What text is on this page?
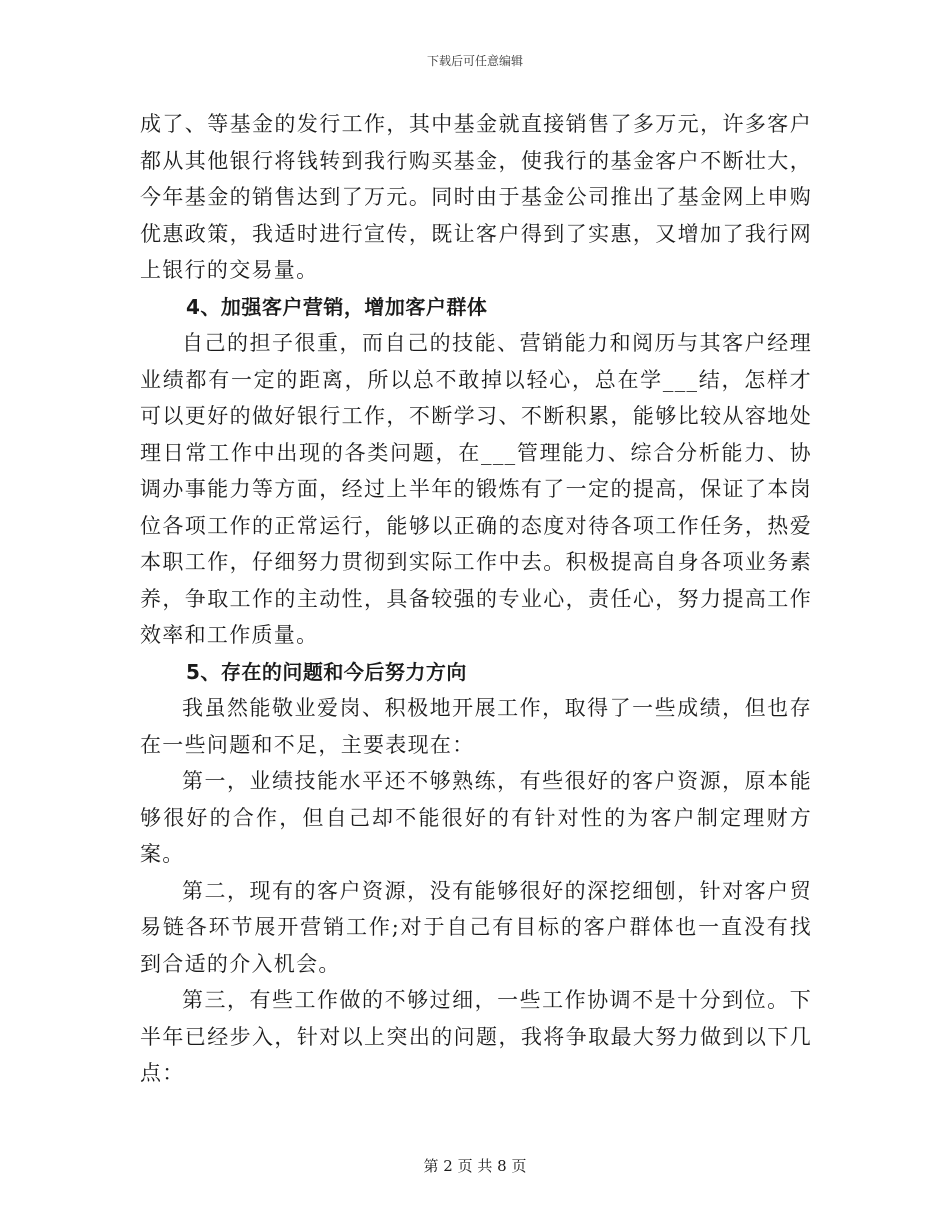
下载后可任意编辑

成了、等基金的发行工作，其中基金就直接销售了多万元，许多客户都从其他银行将钱转到我行购买基金，使我行的基金客户不断壮大，今年基金的销售达到了万元。同时由于基金公司推出了基金网上申购优惠政策，我适时进行宣传，既让客户得到了实惠，又增加了我行网上银行的交易量。

4、加强客户营销，增加客户群体

自己的担子很重，而自己的技能、营销能力和阅历与其客户经理业绩都有一定的距离，所以总不敢掉以轻心，总在学___结，怎样才可以更好的做好银行工作，不断学习、不断积累，能够比较从容地处理日常工作中出现的各类问题，在___管理能力、综合分析能力、协调办事能力等方面，经过上半年的锻炼有了一定的提高，保证了本岗位各项工作的正常运行，能够以正确的态度对待各项工作任务，热爱本职工作，仔细努力贯彻到实际工作中去。积极提高自身各项业务素养，争取工作的主动性，具备较强的专业心，责任心，努力提高工作效率和工作质量。

5、存在的问题和今后努力方向

我虽然能敬业爱岗、积极地开展工作，取得了一些成绩，但也存在一些问题和不足，主要表现在：

第一，业绩技能水平还不够熟练，有些很好的客户资源，原本能够很好的合作，但自己却不能很好的有针对性的为客户制定理财方案。

第二，现有的客户资源，没有能够很好的深挖细刨，针对客户贸易链各环节展开营销工作;对于自己有目标的客户群体也一直没有找到合适的介入机会。

第三，有些工作做的不够过细，一些工作协调不是十分到位。下半年已经步入，针对以上突出的问题，我将争取最大努力做到以下几点：

第 2 页 共 8 页
